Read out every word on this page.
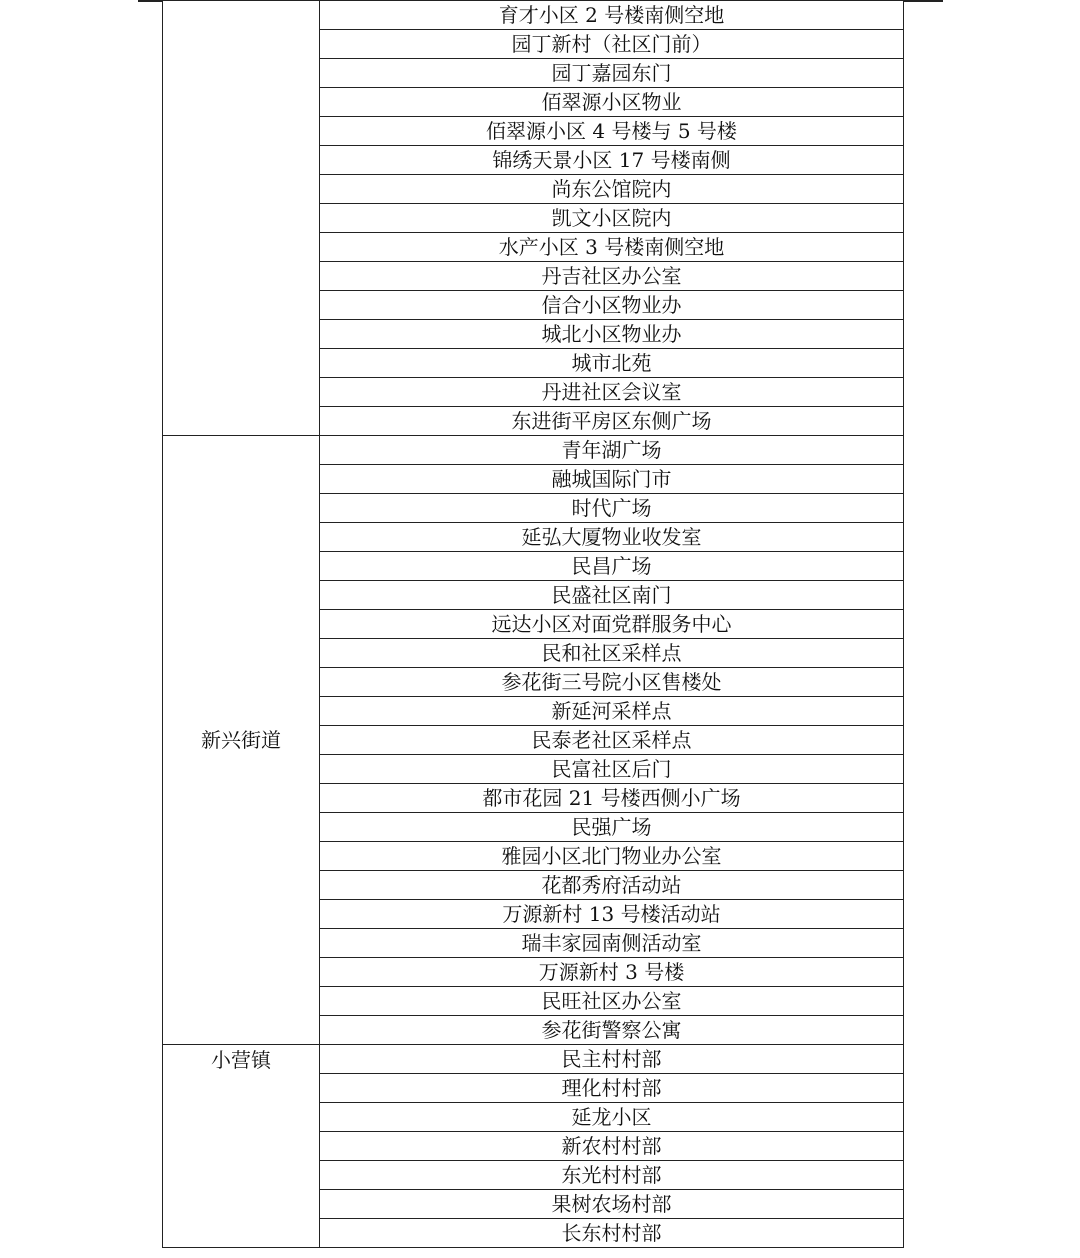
	育才小区 2 号楼南侧空地
	园丁新村（社区门前）
	园丁嘉园东门
	佰翠源小区物业
	佰翠源小区 4 号楼与 5 号楼
	锦绣天景小区 17 号楼南侧
	尚东公馆院内
	凯文小区院内
	水产小区 3 号楼南侧空地
	丹吉社区办公室
	信合小区物业办
	城北小区物业办
	城市北苑
	丹进社区会议室
	东进街平房区东侧广场
新兴街道	青年湖广场
	融城国际门市
	时代广场
	延弘大厦物业收发室
	民昌广场
	民盛社区南门
	远达小区对面党群服务中心
	民和社区采样点
	参花街三号院小区售楼处
	新延河采样点
	民泰老社区采样点
	民富社区后门
	都市花园 21 号楼西侧小广场
	民强广场
	雅园小区北门物业办公室
	花都秀府活动站
	万源新村 13 号楼活动站
	瑞丰家园南侧活动室
	万源新村 3 号楼
	民旺社区办公室
	参花街警察公寓
小营镇	民主村村部
	理化村村部
	延龙小区
	新农村村部
	东光村村部
	果树农场村部
	长东村村部
